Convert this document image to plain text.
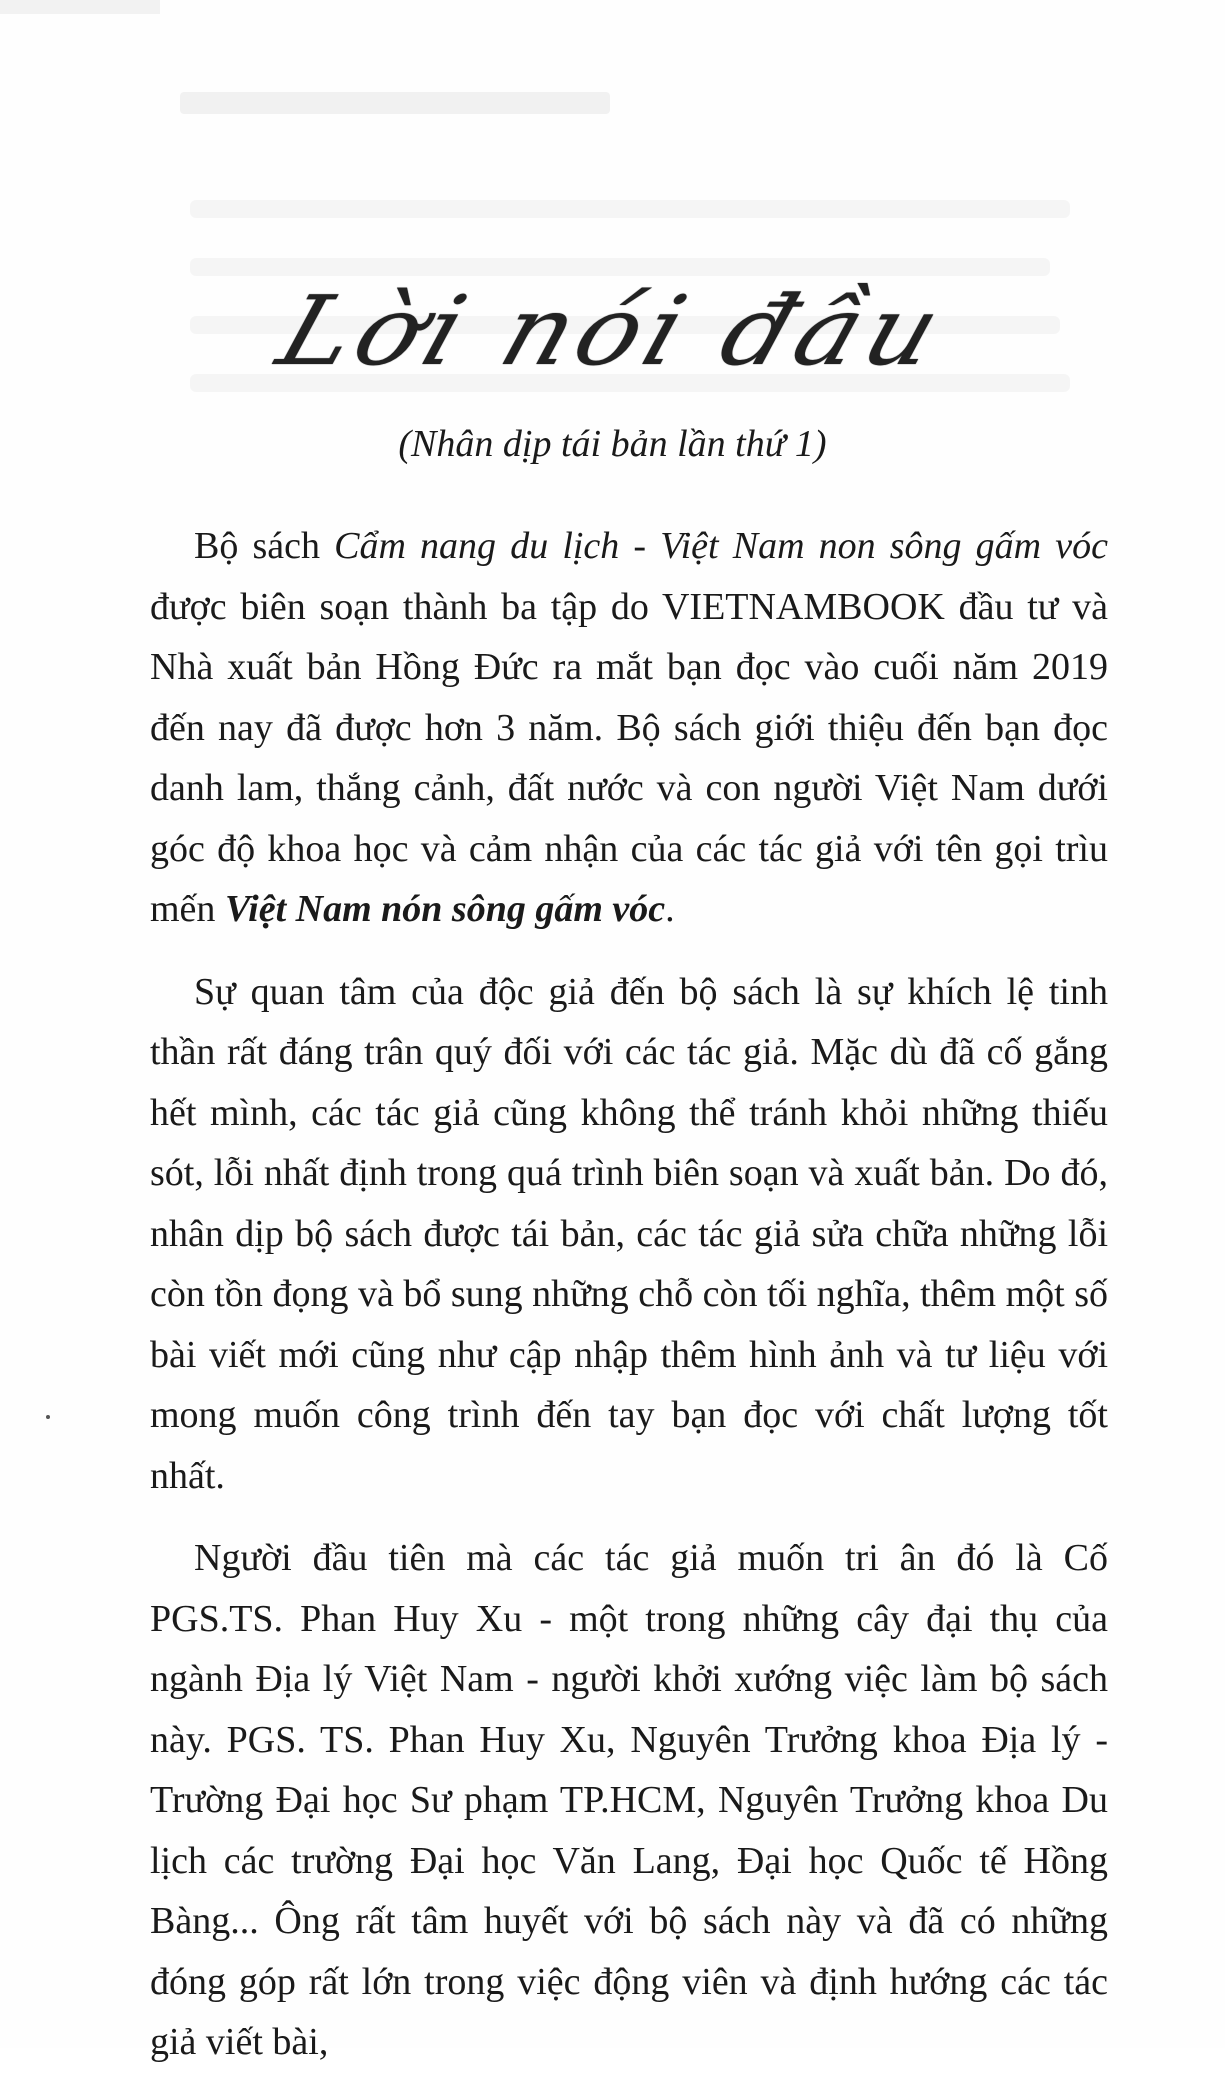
Lời nói đầu
(Nhân dịp tái bản lần thứ 1)

Bộ sách Cẩm nang du lịch - Việt Nam non sông gấm vóc được biên soạn thành ba tập do VIETNAMBOOK đầu tư và Nhà xuất bản Hồng Đức ra mắt bạn đọc vào cuối năm 2019 đến nay đã được hơn 3 năm. Bộ sách giới thiệu đến bạn đọc danh lam, thắng cảnh, đất nước và con người Việt Nam dưới góc độ khoa học và cảm nhận của các tác giả với tên gọi trìu mến Việt Nam nón sông gấm vóc.

Sự quan tâm của độc giả đến bộ sách là sự khích lệ tinh thần rất đáng trân quý đối với các tác giả. Mặc dù đã cố gắng hết mình, các tác giả cũng không thể tránh khỏi những thiếu sót, lỗi nhất định trong quá trình biên soạn và xuất bản. Do đó, nhân dịp bộ sách được tái bản, các tác giả sửa chữa những lỗi còn tồn đọng và bổ sung những chỗ còn tối nghĩa, thêm một số bài viết mới cũng như cập nhập thêm hình ảnh và tư liệu với mong muốn công trình đến tay bạn đọc với chất lượng tốt nhất.

Người đầu tiên mà các tác giả muốn tri ân đó là Cố PGS.TS. Phan Huy Xu - một trong những cây đại thụ của ngành Địa lý Việt Nam - người khởi xướng việc làm bộ sách này. PGS. TS. Phan Huy Xu, Nguyên Trưởng khoa Địa lý - Trường Đại học Sư phạm TP.HCM, Nguyên Trưởng khoa Du lịch các trường Đại học Văn Lang, Đại học Quốc tế Hồng Bàng... Ông rất tâm huyết với bộ sách này và đã có những đóng góp rất lớn trong việc động viên và định hướng các tác giả viết bài,
